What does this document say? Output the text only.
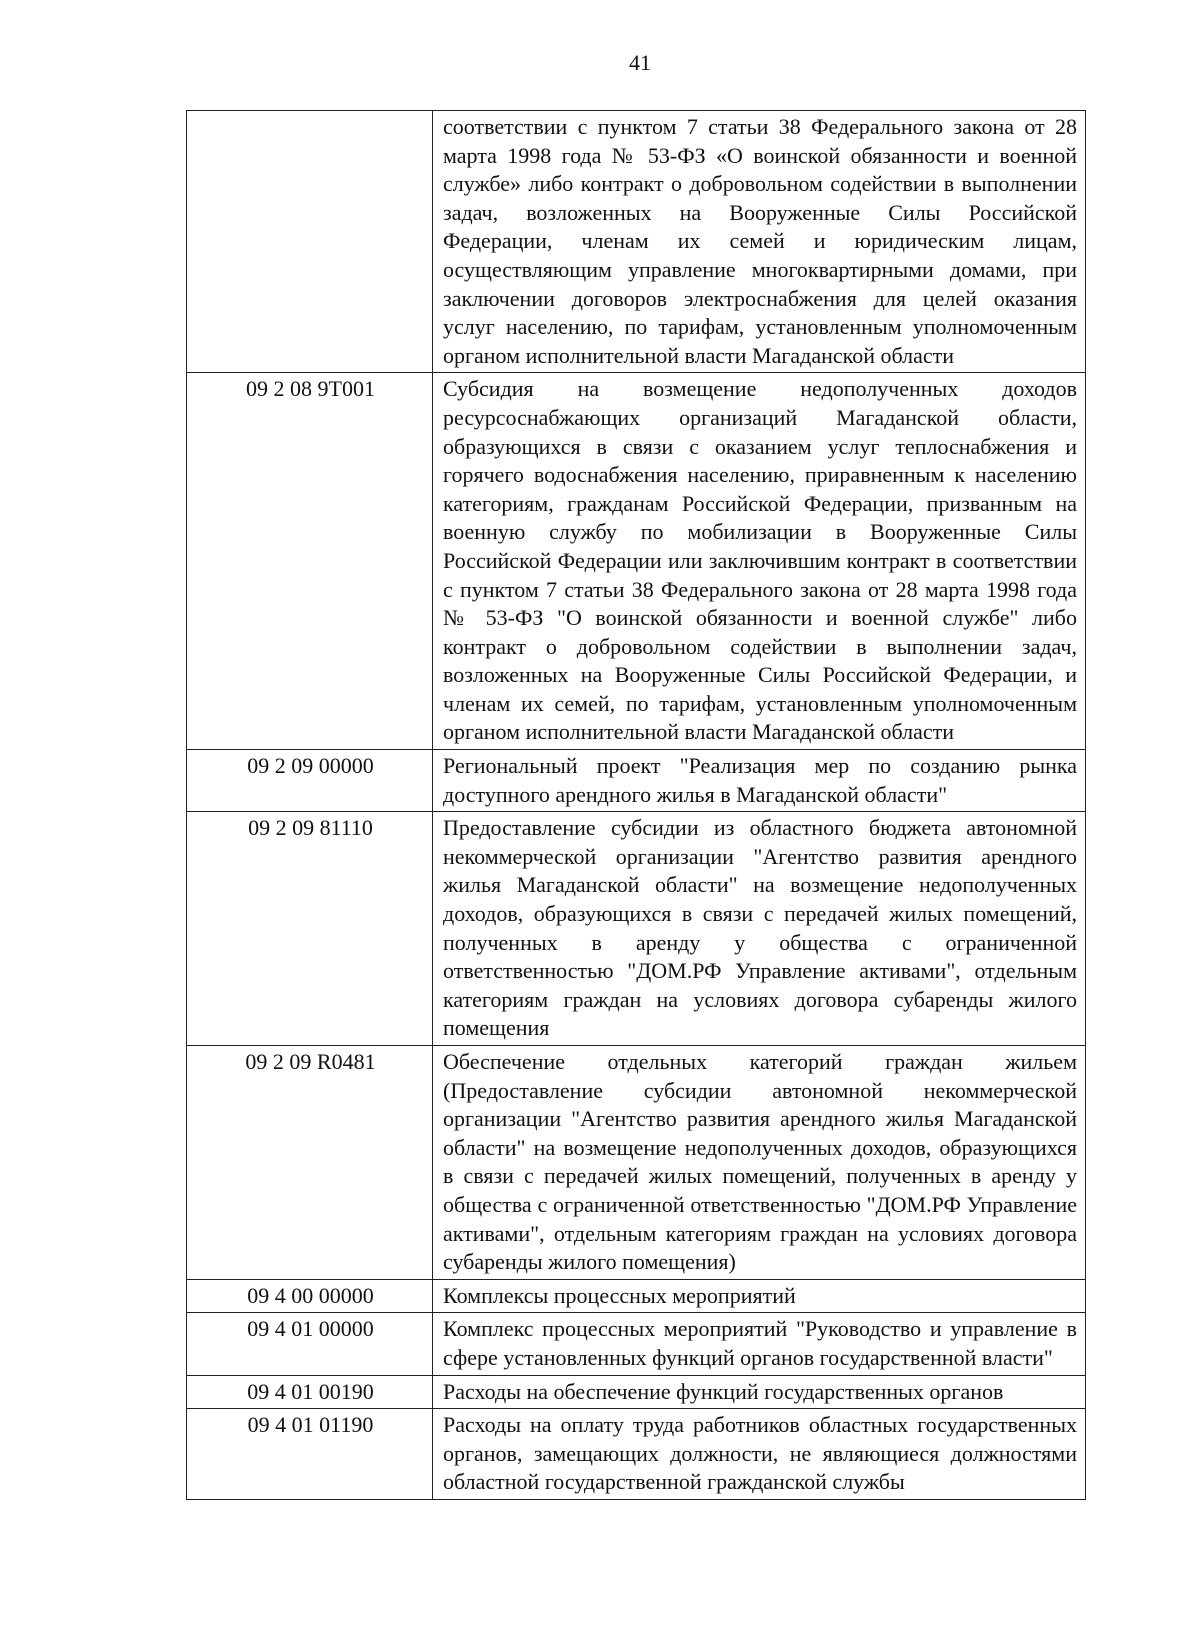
41
	соответствии с пунктом 7 статьи 38 Федерального закона от 28 марта 1998 года № 53-ФЗ «О воинской обязанности и военной службе» либо контракт о добровольном содействии в выполнении задач, возложенных на Вооруженные Силы Российской Федерации, членам их семей и юридическим лицам, осуществляющим управление многоквартирными домами, при заключении договоров электроснабжения для целей оказания услуг населению, по тарифам, установленным уполномоченным органом исполнительной власти Магаданской области
09 2 08 9Т001	Субсидия на возмещение недополученных доходов ресурсоснабжающих организаций Магаданской области, образующихся в связи с оказанием услуг теплоснабжения и горячего водоснабжения населению, приравненным к населению категориям, гражданам Российской Федерации, призванным на военную службу по мобилизации в Вооруженные Силы Российской Федерации или заключившим контракт в соответствии с пунктом 7 статьи 38 Федерального закона от 28 марта 1998 года № 53-ФЗ "О воинской обязанности и военной службе" либо контракт о добровольном содействии в выполнении задач, возложенных на Вооруженные Силы Российской Федерации, и членам их семей, по тарифам, установленным уполномоченным органом исполнительной власти Магаданской области
09 2 09 00000	Региональный проект "Реализация мер по созданию рынка доступного арендного жилья в Магаданской области"
09 2 09 81110	Предоставление субсидии из областного бюджета автономной некоммерческой организации "Агентство развития арендного жилья Магаданской области" на возмещение недополученных доходов, образующихся в связи с передачей жилых помещений, полученных в аренду у общества с ограниченной ответственностью "ДОМ.РФ Управление активами", отдельным категориям граждан на условиях договора субаренды жилого помещения
09 2 09 R0481	Обеспечение отдельных категорий граждан жильем (Предоставление субсидии автономной некоммерческой организации "Агентство развития арендного жилья Магаданской области" на возмещение недополученных доходов, образующихся в связи с передачей жилых помещений, полученных в аренду у общества с ограниченной ответственностью "ДОМ.РФ Управление активами", отдельным категориям граждан на условиях договора субаренды жилого помещения)
09 4 00 00000	Комплексы процессных мероприятий
09 4 01 00000	Комплекс процессных мероприятий "Руководство и управление в сфере установленных функций органов государственной власти"
09 4 01 00190	Расходы на обеспечение функций государственных органов
09 4 01 01190	Расходы на оплату труда работников областных государственных органов, замещающих должности, не являющиеся должностями областной государственной гражданской службы
